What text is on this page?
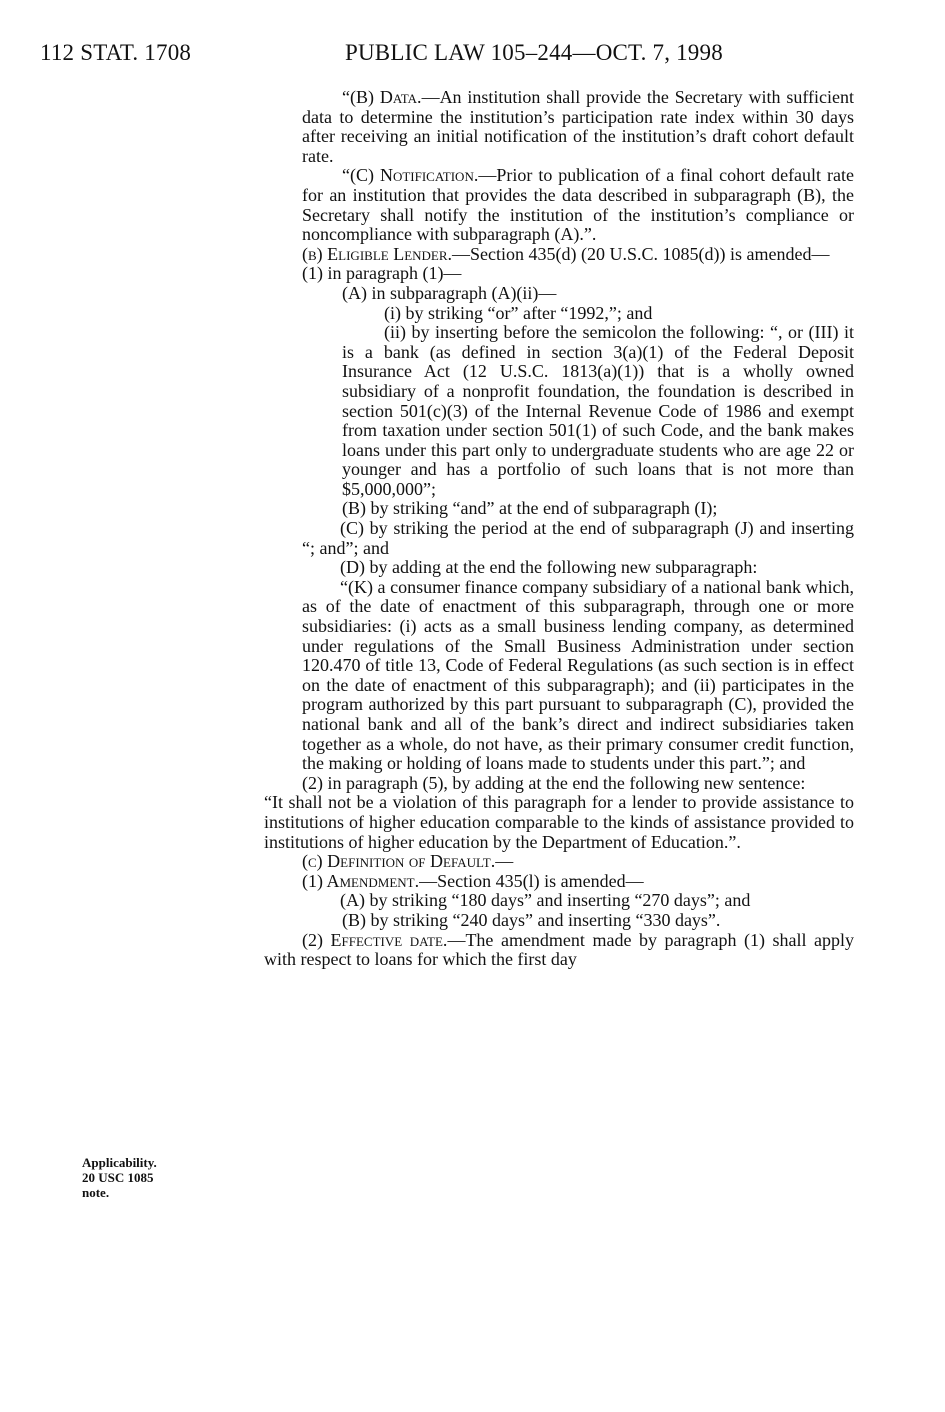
112 STAT. 1708	PUBLIC LAW 105–244—OCT. 7, 1998
Applicability.
20 USC 1085
note.

“(B) Data.—An institution shall provide the Secretary with sufficient data to determine the institution’s participation rate index within 30 days after receiving an initial notification of the institution’s draft cohort default rate.

“(C) Notification.—Prior to publication of a final cohort default rate for an institution that provides the data described in subparagraph (B), the Secretary shall notify the institution of the institution’s compliance or noncompliance with subparagraph (A).”.

(b) Eligible Lender.—Section 435(d) (20 U.S.C. 1085(d)) is amended—

(1) in paragraph (1)—

(A) in subparagraph (A)(ii)—

(i) by striking “or” after “1992,”; and

(ii) by inserting before the semicolon the following: “, or (III) it is a bank (as defined in section 3(a)(1) of the Federal Deposit Insurance Act (12 U.S.C. 1813(a)(1)) that is a wholly owned subsidiary of a nonprofit foundation, the foundation is described in section 501(c)(3) of the Internal Revenue Code of 1986 and exempt from taxation under section 501(1) of such Code, and the bank makes loans under this part only to undergraduate students who are age 22 or younger and has a portfolio of such loans that is not more than $5,000,000”;

(B) by striking “and” at the end of subparagraph (I);

(C) by striking the period at the end of subparagraph (J) and inserting “; and”; and

(D) by adding at the end the following new subparagraph:

“(K) a consumer finance company subsidiary of a national bank which, as of the date of enactment of this subparagraph, through one or more subsidiaries: (i) acts as a small business lending company, as determined under regulations of the Small Business Administration under section 120.470 of title 13, Code of Federal Regulations (as such section is in effect on the date of enactment of this subparagraph); and (ii) participates in the program authorized by this part pursuant to subparagraph (C), provided the national bank and all of the bank’s direct and indirect subsidiaries taken together as a whole, do not have, as their primary consumer credit function, the making or holding of loans made to students under this part.”; and

(2) in paragraph (5), by adding at the end the following new sentence:

“It shall not be a violation of this paragraph for a lender to provide assistance to institutions of higher education comparable to the kinds of assistance provided to institutions of higher education by the Department of Education.”.

(c) Definition of Default.—

(1) Amendment.—Section 435(l) is amended—

(A) by striking “180 days” and inserting “270 days”; and

(B) by striking “240 days” and inserting “330 days”.

(2) Effective date.—The amendment made by paragraph (1) shall apply with respect to loans for which the first day
